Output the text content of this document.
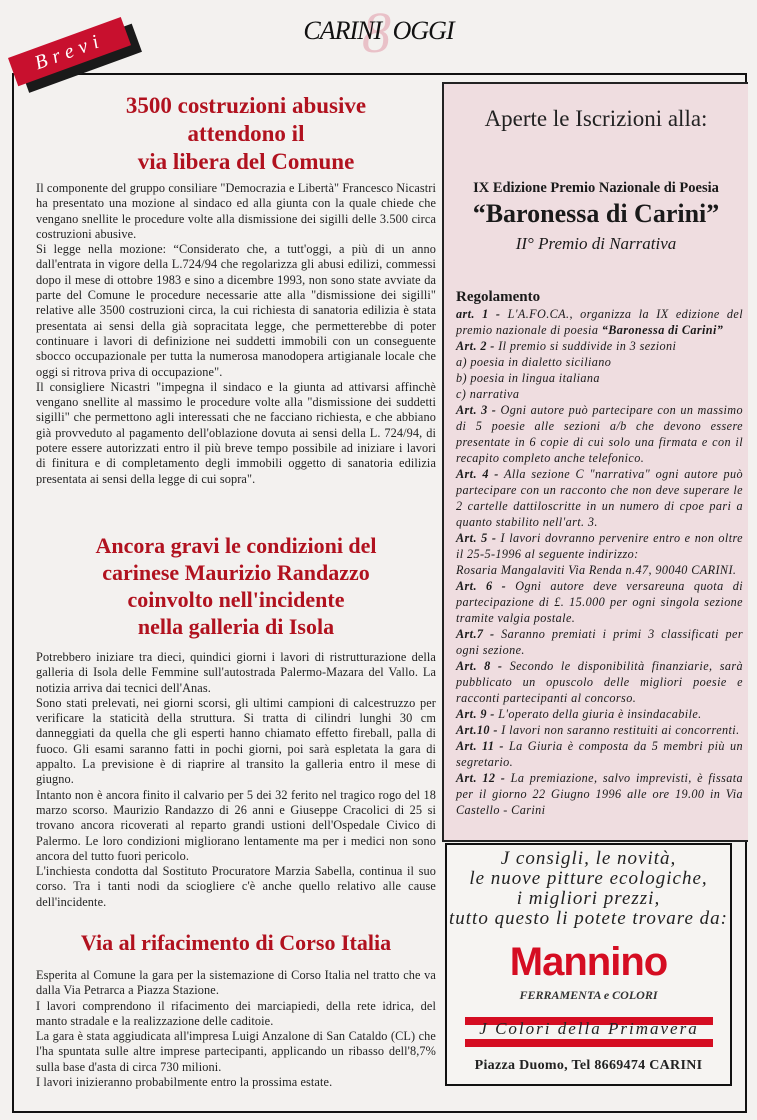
8
CARINI OGGI
Brevi
3500 costruzioni abusive
attendono il
via libera del Comune

Il componente del gruppo consiliare "Democrazia e Libertà" Francesco Nicastri ha presentato una mozione al sindaco ed alla giunta con la quale chiede che vengano snellite le procedure volte alla dismissione dei sigilli delle 3.500 circa costruzioni abusive.

Si legge nella mozione: “Considerato che, a tutt'oggi, a più di un anno dall'entrata in vigore della L.724/94 che regolarizza gli abusi edilizi, commessi dopo il mese di ottobre 1983 e sino a dicembre 1993, non sono state avviate da parte del Comune le procedure necessarie atte alla "dismissione dei sigilli" relative alle 3500 costruzioni circa, la cui richiesta di sanatoria edilizia è stata presentata ai sensi della già sopracitata legge, che permetterebbe di poter continuare i lavori di definizione nei suddetti immobili con un conseguente sbocco occupazionale per tutta la numerosa manodopera artigianale locale che oggi si ritrova priva di occupazione".

Il consigliere Nicastri "impegna il sindaco e la giunta ad attivarsi affinchè vengano snellite al massimo le procedure volte alla "dismissione dei suddetti sigilli" che permettono agli interessati che ne facciano richiesta, e che abbiano già provveduto al pagamento dell'oblazione dovuta ai sensi della L. 724/94, di potere essere autorizzati entro il più breve tempo possibile ad iniziare i lavori di finitura e di completamento degli immobili oggetto di sanatoria edilizia presentata ai sensi della legge di cui sopra".

Ancora gravi le condizioni del
carinese Maurizio Randazzo
coinvolto nell'incidente
nella galleria di Isola

Potrebbero iniziare tra dieci, quindici giorni i lavori di ristrutturazione della galleria di Isola delle Femmine sull'autostrada Palermo-Mazara del Vallo. La notizia arriva dai tecnici dell'Anas.

Sono stati prelevati, nei giorni scorsi, gli ultimi campioni di calcestruzzo per verificare la staticità della struttura. Si tratta di cilindri lunghi 30 cm danneggiati da quella che gli esperti hanno chiamato effetto fireball, palla di fuoco. Gli esami saranno fatti in pochi giorni, poi sarà espletata la gara di appalto. La previsione è di riaprire al transito la galleria entro il mese di giugno.

Intanto non è ancora finito il calvario per 5 dei 32 ferito nel tragico rogo del 18 marzo scorso. Maurizio Randazzo di 26 anni e Giuseppe Cracolici di 25 si trovano ancora ricoverati al reparto grandi ustioni dell'Ospedale Civico di Palermo. Le loro condizioni migliorano lentamente ma per i medici non sono ancora del tutto fuori pericolo.

L'inchiesta condotta dal Sostituto Procuratore Marzia Sabella, continua il suo corso. Tra i tanti nodi da sciogliere c'è anche quello relativo alle cause dell'incidente.

Via al rifacimento di Corso Italia

Esperita al Comune la gara per la sistemazione di Corso Italia nel tratto che va dalla Via Petrarca a Piazza Stazione.

I lavori comprendono il rifacimento dei marciapiedi, della rete idrica, del manto stradale e la realizzazione delle caditoie.

La gara è stata aggiudicata all'impresa Luigi Anzalone di San Cataldo (CL) che l'ha spuntata sulle altre imprese partecipanti, applicando un ribasso dell'8,7% sulla base d'asta di circa 730 milioni.

I lavori inizieranno probabilmente entro la prossima estate.

Aperte le Iscrizioni alla:
IX Edizione Premio Nazionale di Poesia
“Baronessa di Carini”
II° Premio di Narrativa
Regolamento

art. 1 - L'A.FO.CA., organizza la IX edizione del premio nazionale di poesia “Baronessa di Carini”

Art. 2 - Il premio si suddivide in 3 sezioni

a) poesia in dialetto siciliano

b) poesia in lingua italiana

c) narrativa

Art. 3 - Ogni autore può partecipare con un massimo di 5 poesie alle sezioni a/b che devono essere presentate in 6 copie di cui solo una firmata e con il recapito completo anche telefonico.

Art. 4 - Alla sezione C "narrativa" ogni autore può partecipare con un racconto che non deve superare le 2 cartelle dattiloscritte in un numero di cpoe pari a quanto stabilito nell'art. 3.

Art. 5 - I lavori dovranno pervenire entro e non oltre il 25-5-1996 al seguente indirizzo:

Rosaria Mangalaviti Via Renda n.47, 90040 CARINI.

Art. 6 - Ogni autore deve versareuna quota di partecipazione di £. 15.000 per ogni singola sezione tramite valgia postale.

Art.7 - Saranno premiati i primi 3 classificati per ogni sezione.

Art. 8 - Secondo le disponibilità finanziarie, sarà pubblicato un opuscolo delle migliori poesie e racconti partecipanti al concorso.

Art. 9 - L'operato della giuria è insindacabile.

Art.10 - I lavori non saranno restituiti ai concorrenti.

Art. 11 - La Giuria è composta da 5 membri più un segretario.

Art. 12 - La premiazione, salvo imprevisti, è fissata per il giorno 22 Giugno 1996 alle ore 19.00 in Via Castello - Carini

J consigli, le novità,
le nuove pitture ecologiche,
i migliori prezzi,
tutto questo li potete trovare da:
Mannino
FERRAMENTA e COLORI
J Colori della Primavera
Piazza Duomo, Tel 8669474 CARINI
